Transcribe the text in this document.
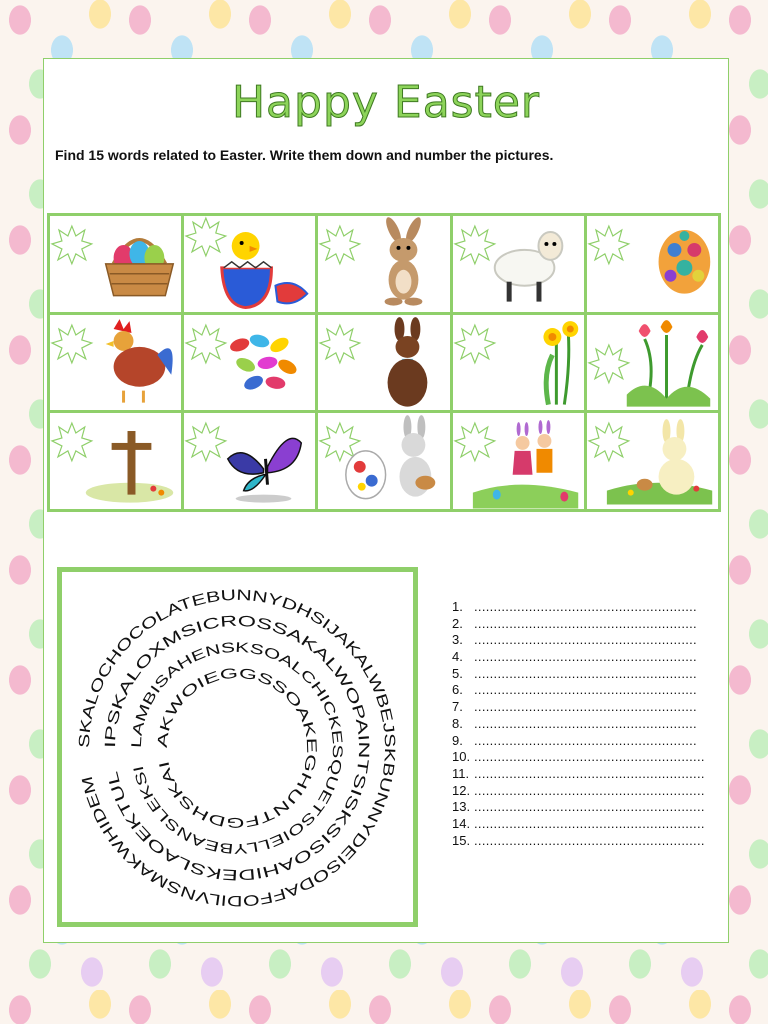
Happy Easter
Find 15 words related to Easter. Write them down and number the pictures.
SKALOCHOCOLATEBUNNYDHSIJAKALWBEJSKBUNNYDEISODAFFODILVNSMAKWHIDEM
IPSKALOXMSICROSSAKALWOPAINTSISKSISOAHIDEKSLAOEKTUL
LAMBISAHENSKSOALCHICKESQUETSOIELLYBEANSLEKSI
AKWOIEGGSSOAKEGHUNTFGDHSKAI
1. .........................................................
2. .........................................................
3. .........................................................
4. .........................................................
5. .........................................................
6. .........................................................
7. .........................................................
8. .........................................................
9. .........................................................
10. ...........................................................
11. ...........................................................
12. ...........................................................
13. ...........................................................
14. ...........................................................
15. ...........................................................
